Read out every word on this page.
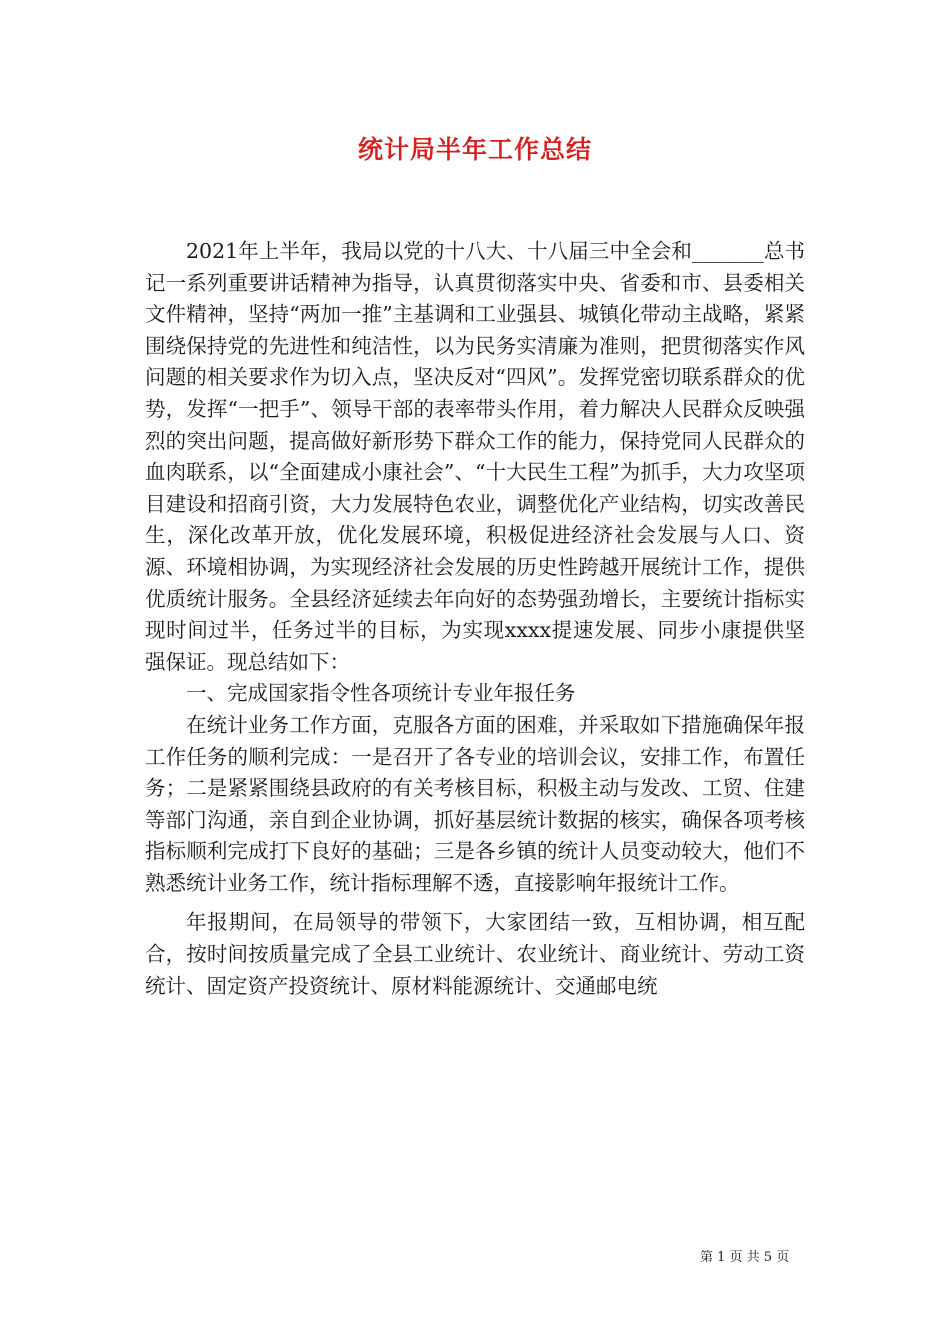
统计局半年工作总结

2021年上半年，我局以党的十八大、十八届三中全会和_______总书记一系列重要讲话精神为指导，认真贯彻落实中央、省委和市、县委相关文件精神，坚持“两加一推”主基调和工业强县、城镇化带动主战略，紧紧围绕保持党的先进性和纯洁性，以为民务实清廉为准则，把贯彻落实作风问题的相关要求作为切入点，坚决反对“四风”。发挥党密切联系群众的优势，发挥“一把手”、领导干部的表率带头作用，着力解决人民群众反映强烈的突出问题，提高做好新形势下群众工作的能力，保持党同人民群众的血肉联系，以“全面建成小康社会”、“十大民生工程”为抓手，大力攻坚项目建设和招商引资，大力发展特色农业，调整优化产业结构，切实改善民生，深化改革开放，优化发展环境，积极促进经济社会发展与人口、资源、环境相协调，为实现经济社会发展的历史性跨越开展统计工作，提供优质统计服务。全县经济延续去年向好的态势强劲增长，主要统计指标实现时间过半，任务过半的目标，为实现xxxx提速发展、同步小康提供坚强保证。现总结如下：

一、完成国家指令性各项统计专业年报任务

在统计业务工作方面，克服各方面的困难，并采取如下措施确保年报工作任务的顺利完成：一是召开了各专业的培训会议，安排工作，布置任务；二是紧紧围绕县政府的有关考核目标，积极主动与发改、工贸、住建等部门沟通，亲自到企业协调，抓好基层统计数据的核实，确保各项考核指标顺利完成打下良好的基础；三是各乡镇的统计人员变动较大，他们不熟悉统计业务工作，统计指标理解不透，直接影响年报统计工作。

年报期间，在局领导的带领下，大家团结一致，互相协调，相互配合，按时间按质量完成了全县工业统计、农业统计、商业统计、劳动工资统计、固定资产投资统计、原材料能源统计、交通邮电统

第 1 页 共 5 页
